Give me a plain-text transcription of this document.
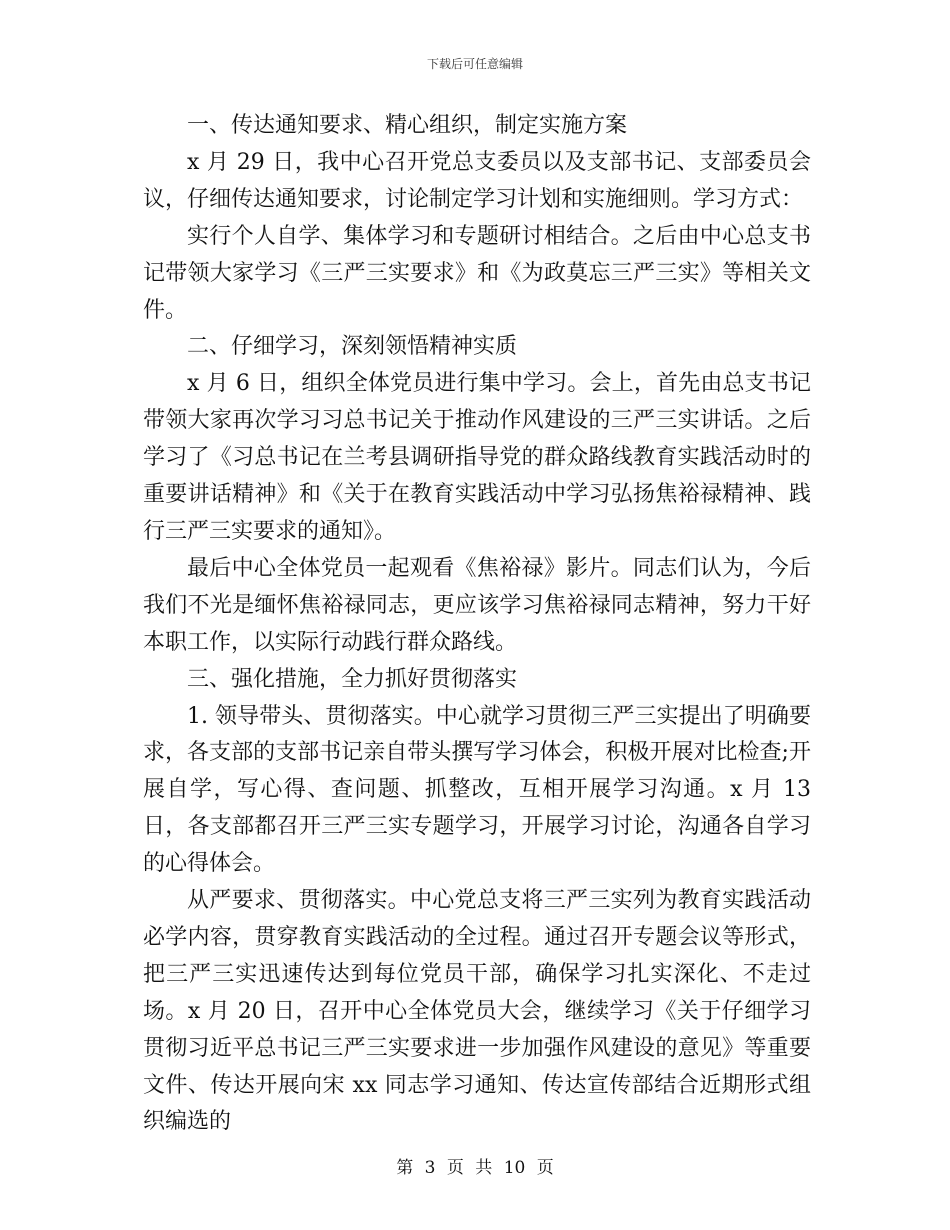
下载后可任意编辑

一、传达通知要求、精心组织，制定实施方案

x 月 29 日，我中心召开党总支委员以及支部书记、支部委员会议，仔细传达通知要求，讨论制定学习计划和实施细则。学习方式：

实行个人自学、集体学习和专题研讨相结合。之后由中心总支书记带领大家学习《三严三实要求》和《为政莫忘三严三实》等相关文件。

二、仔细学习，深刻领悟精神实质

x 月 6 日，组织全体党员进行集中学习。会上，首先由总支书记带领大家再次学习习总书记关于推动作风建设的三严三实讲话。之后学习了《习总书记在兰考县调研指导党的群众路线教育实践活动时的重要讲话精神》和《关于在教育实践活动中学习弘扬焦裕禄精神、践行三严三实要求的通知》。

最后中心全体党员一起观看《焦裕禄》影片。同志们认为，今后我们不光是缅怀焦裕禄同志，更应该学习焦裕禄同志精神，努力干好本职工作，以实际行动践行群众路线。

三、强化措施，全力抓好贯彻落实

1. 领导带头、贯彻落实。中心就学习贯彻三严三实提出了明确要求，各支部的支部书记亲自带头撰写学习体会，积极开展对比检查;开展自学，写心得、查问题、抓整改，互相开展学习沟通。x 月 13 日，各支部都召开三严三实专题学习，开展学习讨论，沟通各自学习的心得体会。

从严要求、贯彻落实。中心党总支将三严三实列为教育实践活动必学内容，贯穿教育实践活动的全过程。通过召开专题会议等形式，把三严三实迅速传达到每位党员干部，确保学习扎实深化、不走过场。x 月 20 日，召开中心全体党员大会，继续学习《关于仔细学习贯彻习近平总书记三严三实要求进一步加强作风建设的意见》等重要文件、传达开展向宋 xx 同志学习通知、传达宣传部结合近期形式组织编选的

第 3 页 共 10 页
